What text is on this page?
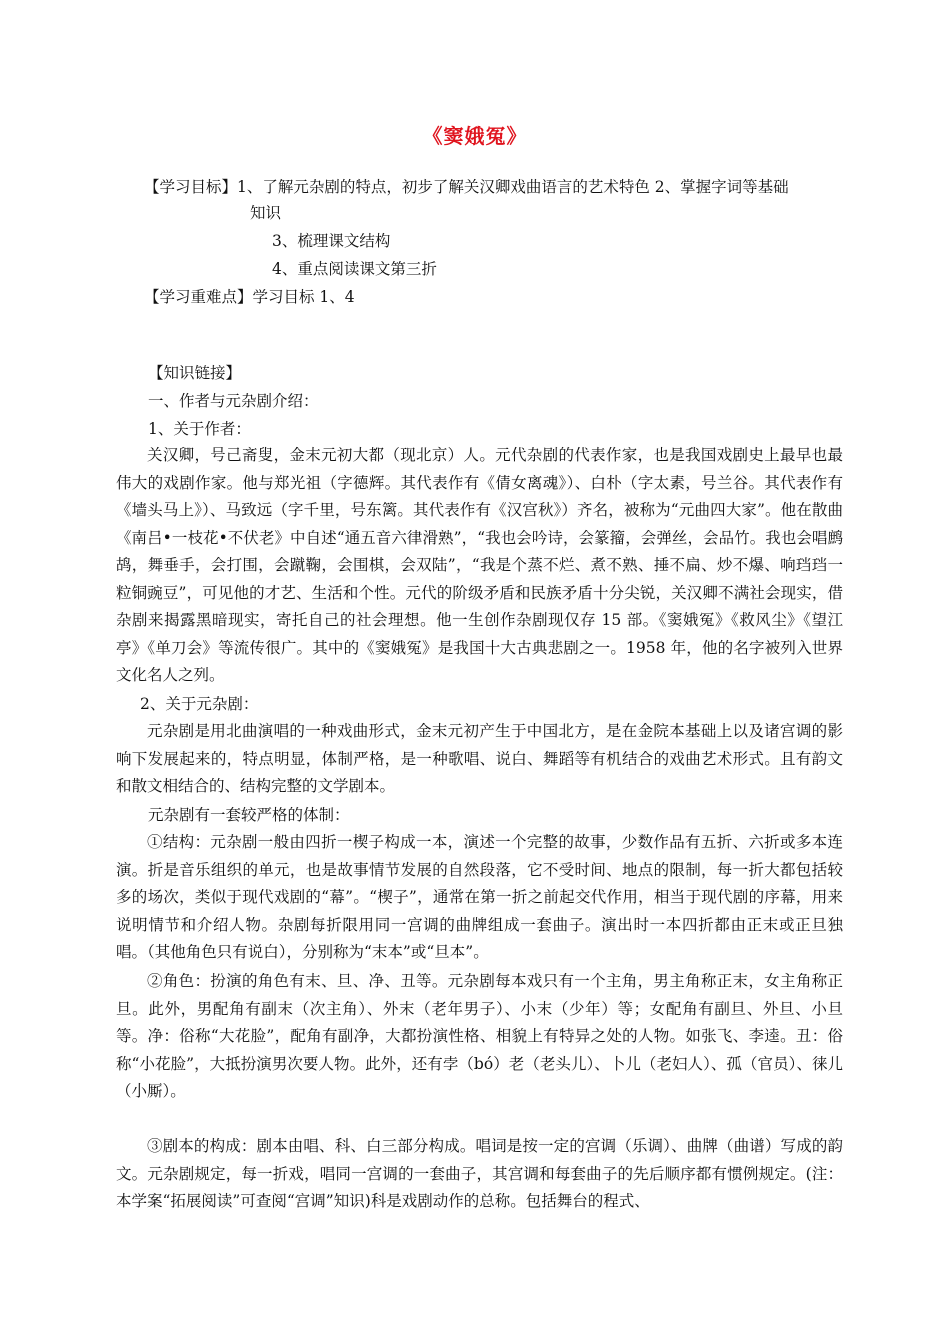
《窦娥冤》
【学习目标】1、了解元杂剧的特点，初步了解关汉卿戏曲语言的艺术特色 2、掌握字词等基础
知识
3、梳理课文结构
4、重点阅读课文第三折
【学习重难点】学习目标 1、4
【知识链接】
一、作者与元杂剧介绍：
1、关于作者：
关汉卿，号己斋叟，金末元初大都（现北京）人。元代杂剧的代表作家，也是我国戏剧史上最早也最伟大的戏剧作家。他与郑光祖（字德辉。其代表作有《倩女离魂》）、白朴（字太素，号兰谷。其代表作有《墙头马上》）、马致远（字千里，号东篱。其代表作有《汉宫秋》）齐名，被称为“元曲四大家”。他在散曲《南吕•一枝花•不伏老》中自述“通五音六律滑熟”，“我也会吟诗，会篆籀，会弹丝，会品竹。我也会唱鹧鸪，舞垂手，会打围，会蹴鞠，会围棋，会双陆”，“我是个蒸不烂、煮不熟、捶不扁、炒不爆、响珰珰一粒铜豌豆”，可见他的才艺、生活和个性。元代的阶级矛盾和民族矛盾十分尖锐，关汉卿不满社会现实，借杂剧来揭露黑暗现实，寄托自己的社会理想。他一生创作杂剧现仅存 15 部。《窦娥冤》《救风尘》《望江亭》《单刀会》等流传很广。其中的《窦娥冤》是我国十大古典悲剧之一。1958 年，他的名字被列入世界文化名人之列。
2、关于元杂剧：
元杂剧是用北曲演唱的一种戏曲形式，金末元初产生于中国北方，是在金院本基础上以及诸宫调的影响下发展起来的，特点明显，体制严格，是一种歌唱、说白、舞蹈等有机结合的戏曲艺术形式。且有韵文和散文相结合的、结构完整的文学剧本。
元杂剧有一套较严格的体制：
①结构：元杂剧一般由四折一楔子构成一本，演述一个完整的故事，少数作品有五折、六折或多本连演。折是音乐组织的单元，也是故事情节发展的自然段落，它不受时间、地点的限制，每一折大都包括较多的场次，类似于现代戏剧的“幕”。“楔子”，通常在第一折之前起交代作用，相当于现代剧的序幕，用来说明情节和介绍人物。杂剧每折限用同一宫调的曲牌组成一套曲子。演出时一本四折都由正末或正旦独唱。（其他角色只有说白），分别称为“末本”或“旦本”。
②角色：扮演的角色有末、旦、净、丑等。元杂剧每本戏只有一个主角，男主角称正末，女主角称正旦。此外，男配角有副末（次主角）、外末（老年男子）、小末（少年）等；女配角有副旦、外旦、小旦等。净：俗称“大花脸”，配角有副净，大都扮演性格、相貌上有特异之处的人物。如张飞、李逵。丑：俗称“小花脸”，大抵扮演男次要人物。此外，还有孛（bó）老（老头儿）、卜儿（老妇人）、孤（官员）、徕儿（小厮）。
③剧本的构成：剧本由唱、科、白三部分构成。唱词是按一定的宫调（乐调）、曲牌（曲谱）写成的韵文。元杂剧规定，每一折戏，唱同一宫调的一套曲子，其宫调和每套曲子的先后顺序都有惯例规定。(注：本学案“拓展阅读”可查阅“宫调”知识)科是戏剧动作的总称。包括舞台的程式、
